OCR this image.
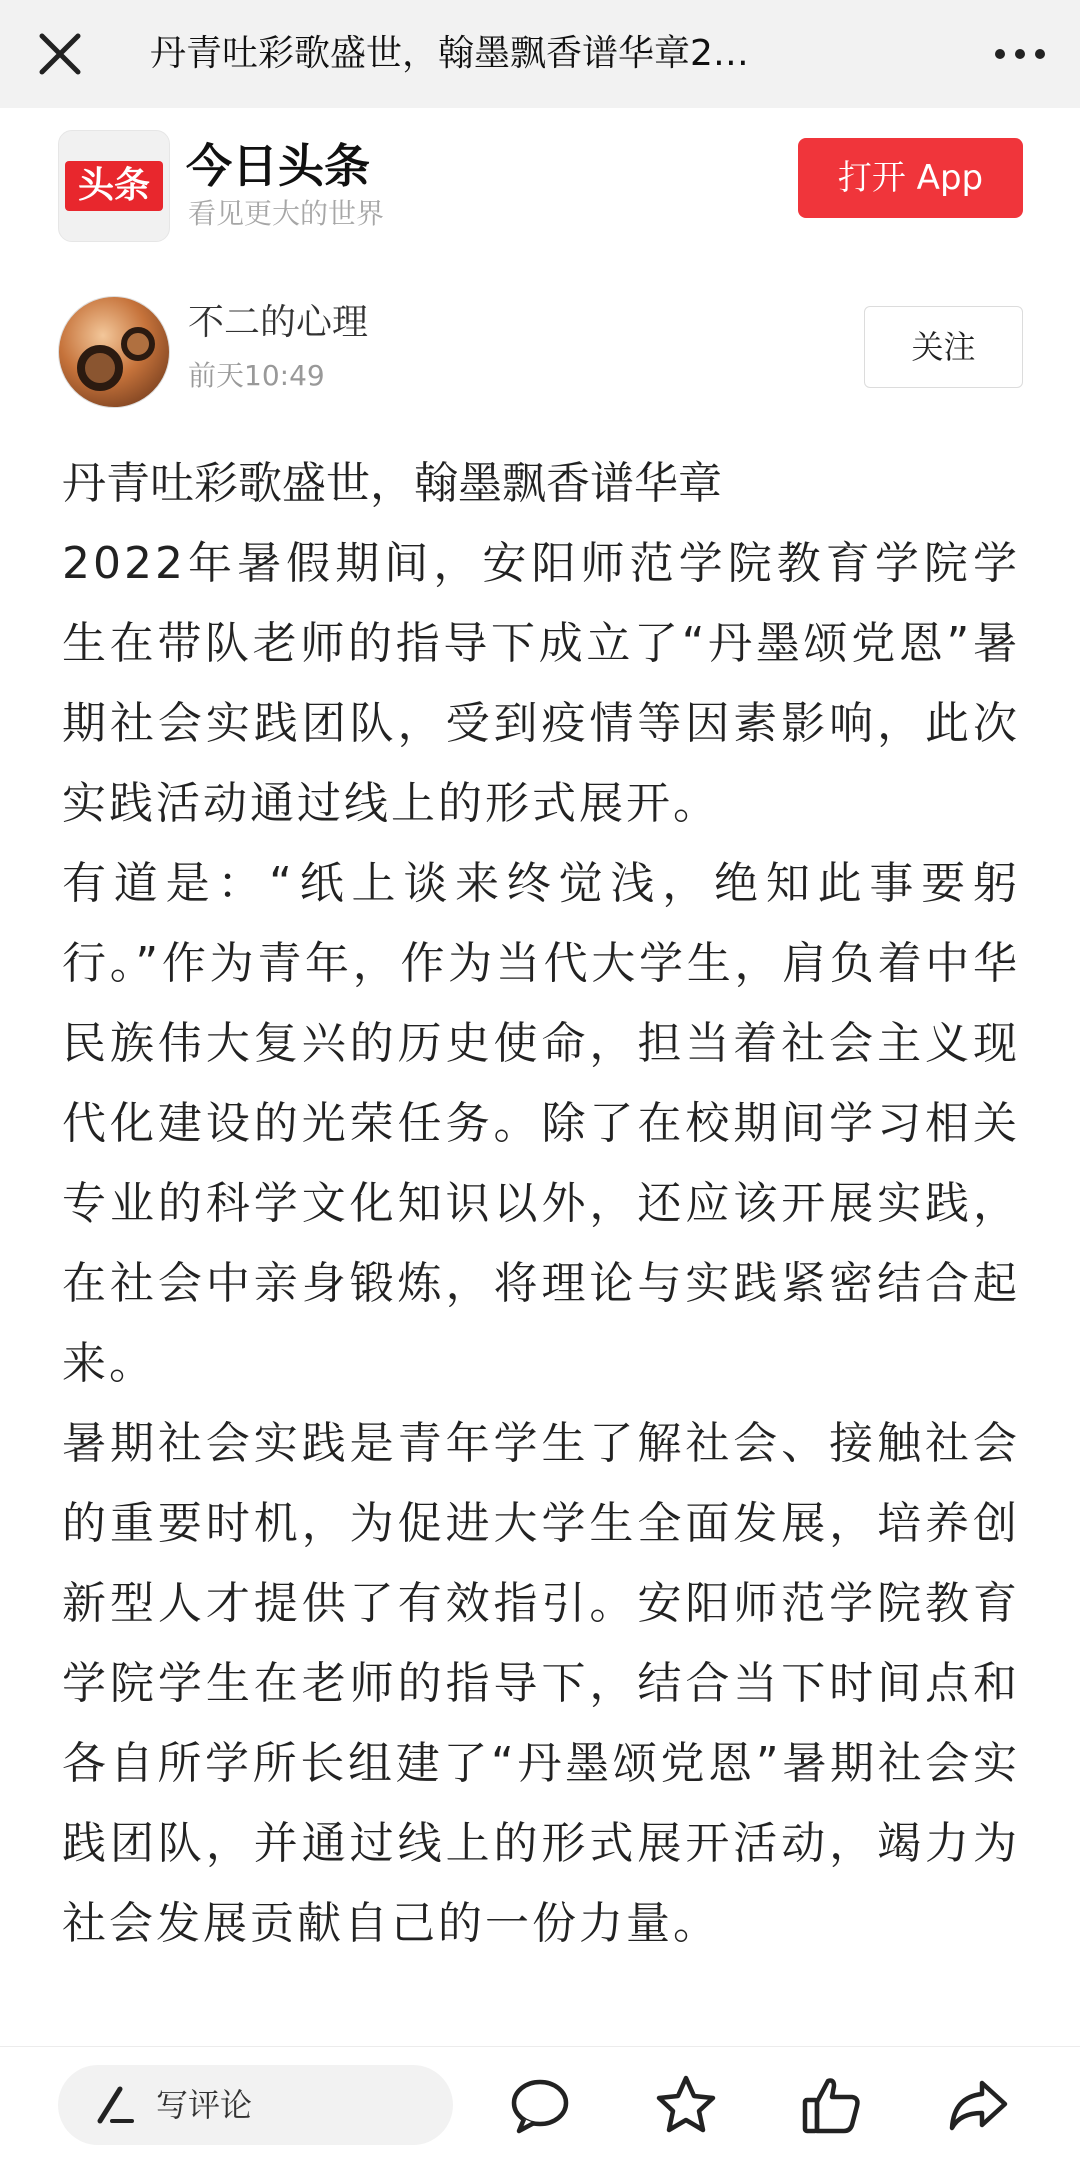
丹青吐彩歌盛世，翰墨飘香谱华章2…
头条 今日头条
看见更大的世界
打开 App
不二的心理
前天10:49
关注

丹青吐彩歌盛世，翰墨飘香谱华章

2022年暑假期间，安阳师范学院教育学院学生在带队老师的指导下成立了“丹墨颂党恩”暑期社会实践团队，受到疫情等因素影响，此次实践活动通过线上的形式展开。

有道是：“纸上谈来终觉浅，绝知此事要躬行。”作为青年，作为当代大学生，肩负着中华民族伟大复兴的历史使命，担当着社会主义现代化建设的光荣任务。除了在校期间学习相关专业的科学文化知识以外，还应该开展实践，在社会中亲身锻炼，将理论与实践紧密结合起来。

暑期社会实践是青年学生了解社会、接触社会的重要时机，为促进大学生全面发展，培养创新型人才提供了有效指引。安阳师范学院教育学院学生在老师的指导下，结合当下时间点和各自所学所长组建了“丹墨颂党恩”暑期社会实践团队，并通过线上的形式展开活动，竭力为社会发展贡献自己的一份力量。

写评论
